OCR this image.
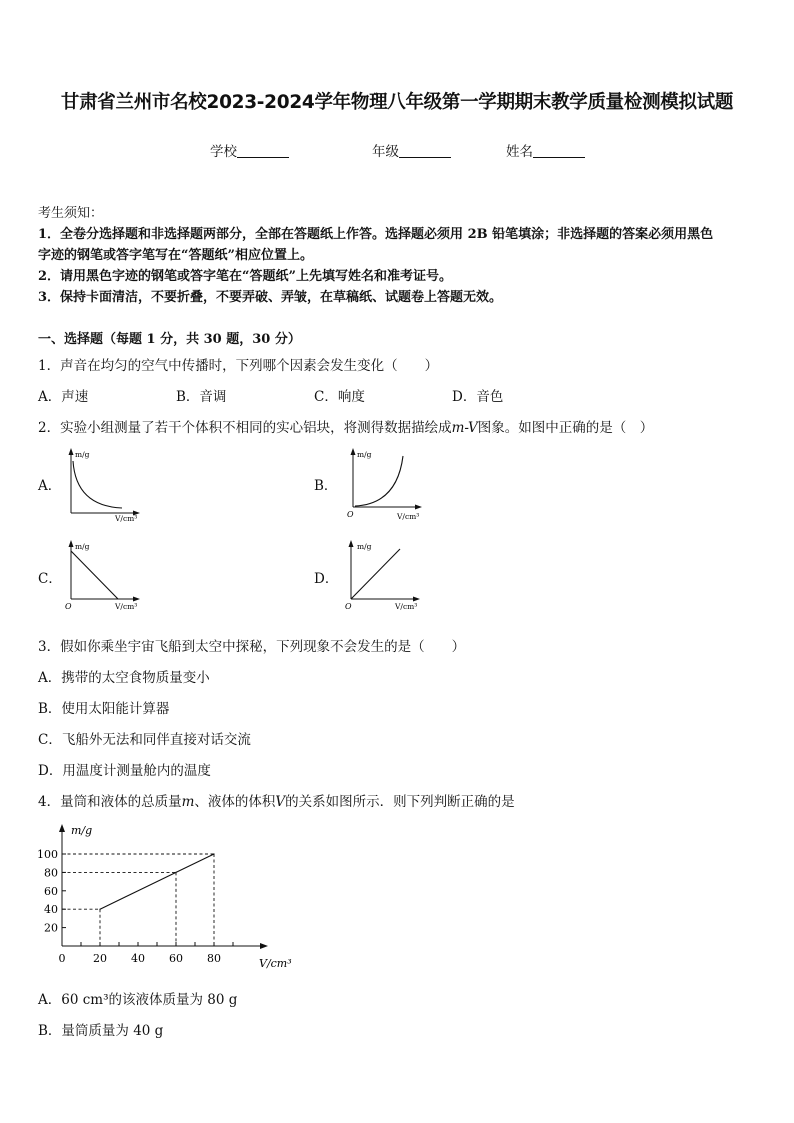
甘肃省兰州市名校2023-2024学年物理八年级第一学期期末教学质量检测模拟试题
学校	年级	姓名
考生须知：
1．全卷分选择题和非选择题两部分，全部在答题纸上作答。选择题必须用 2B 铅笔填涂；非选择题的答案必须用黑色
字迹的钢笔或答字笔写在“答题纸”相应位置上。
2．请用黑色字迹的钢笔或答字笔在“答题纸”上先填写姓名和准考证号。
3．保持卡面清洁，不要折叠，不要弄破、弄皱，在草稿纸、试题卷上答题无效。
一、选择题（每题 1 分，共 30 题，30 分）
1．声音在均匀的空气中传播时，下列哪个因素会发生变化（　　）
A．声速	B．音调	C．响度	D．音色
2．实验小组测量了若干个体积不相同的实心铝块，将测得数据描绘成m-V图象。如图中正确的是（　）
A．	B．
C．	D．
m/g
V/cm³
m/g
O	V/cm³
m/g
O	V/cm³
m/g
O	V/cm³
3．假如你乘坐宇宙飞船到太空中探秘，下列现象不会发生的是（　　）
A．携带的太空食物质量变小
B．使用太阳能计算器
C．飞船外无法和同伴直接对话交流
D．用温度计测量舱内的温度
4．量筒和液体的总质量m、液体的体积V的关系如图所示．则下列判断正确的是
20
40
60
80
100
0	20 40 60 80
m/g
V/cm³
A．60 cm³的该液体质量为 80 g
B．量筒质量为 40 g
